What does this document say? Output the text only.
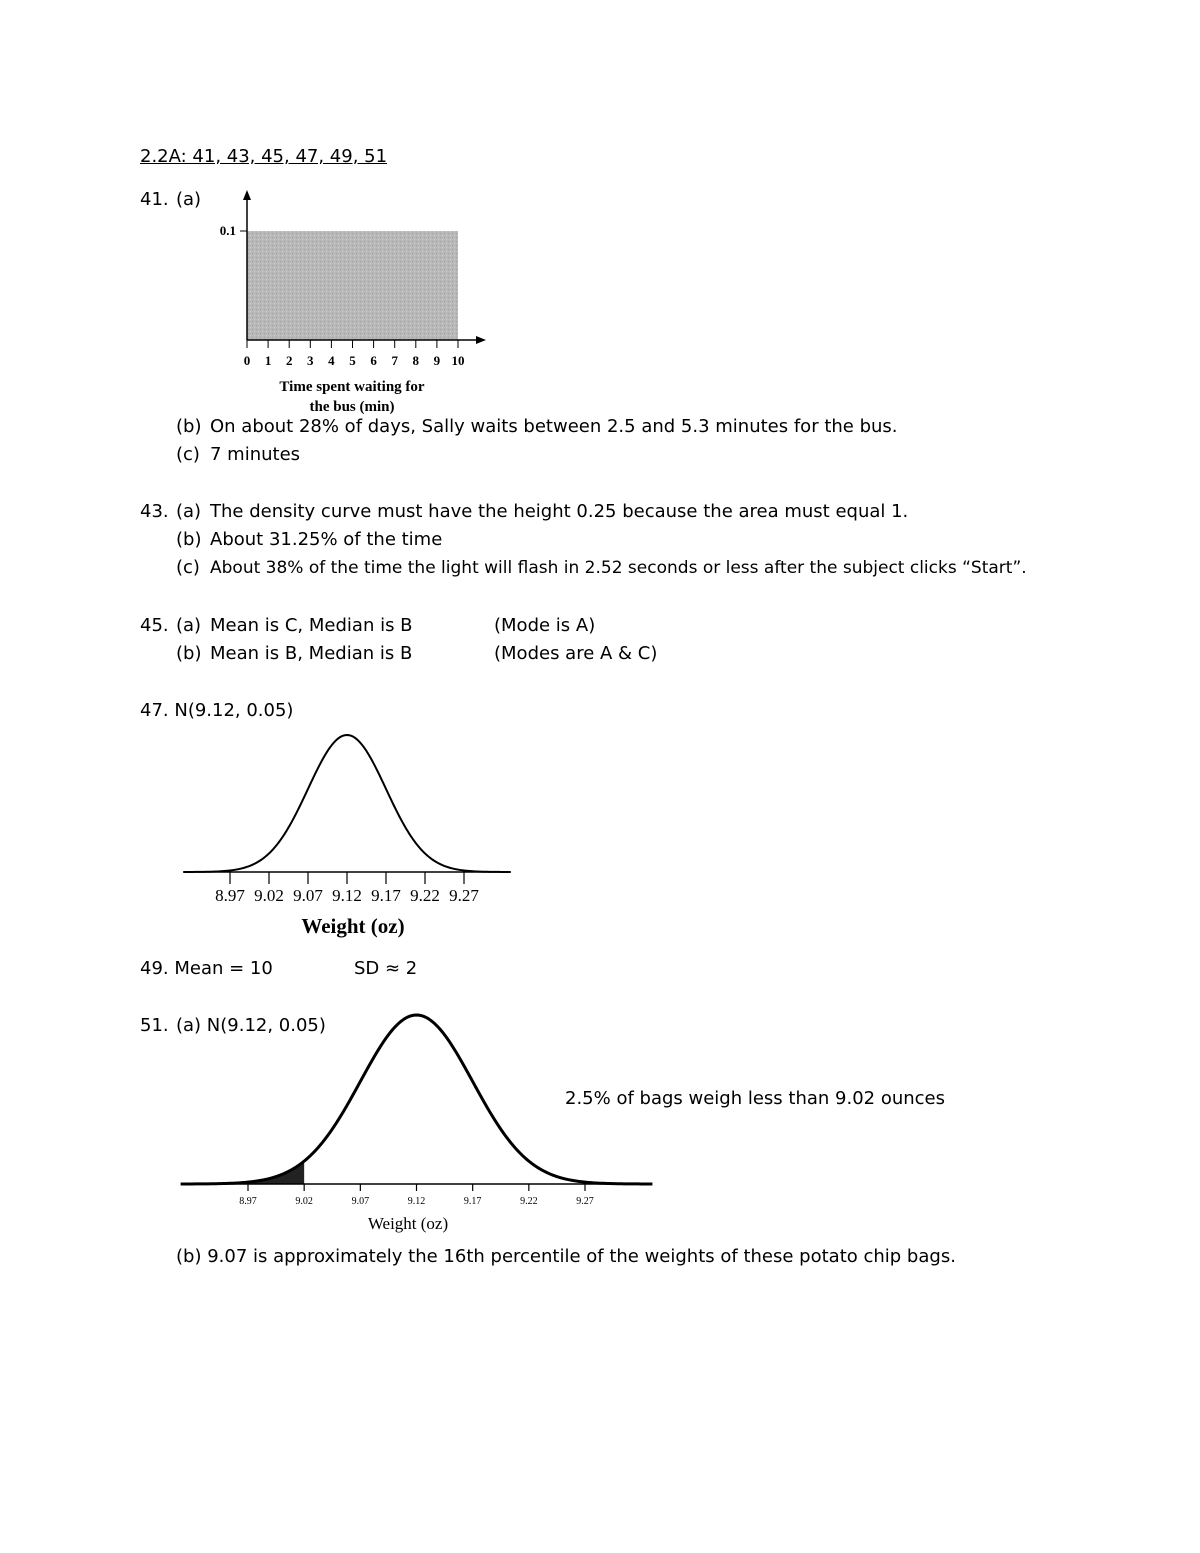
2.2A: 41, 43, 45, 47, 49, 51
41. (a)
0.1
0 1 2 3 4 5 6 7 8 9 10
Time spent waiting for
the bus (min)
(b) On about 28% of days, Sally waits between 2.5 and 5.3 minutes for the bus.
(c) 7 minutes
43. (a) The density curve must have the height 0.25 because the area must equal 1.
(b) About 31.25% of the time
(c) About 38% of the time the light will flash in 2.52 seconds or less after the subject clicks “Start”.
45. (a) Mean is C, Median is B	(Mode is A)
(b) Mean is B, Median is B	(Modes are A & C)
47. N(9.12, 0.05)
8.97 9.02 9.07 9.12 9.17 9.22 9.27
Weight (oz)
49. Mean = 10	SD ≈ 2
51. (a) N(9.12, 0.05)
2.5% of bags weigh less than 9.02 ounces
8.97	9.02	9.07	9.12	9.17	9.22	9.27
Weight (oz)
(b) 9.07 is approximately the 16th percentile of the weights of these potato chip bags.
